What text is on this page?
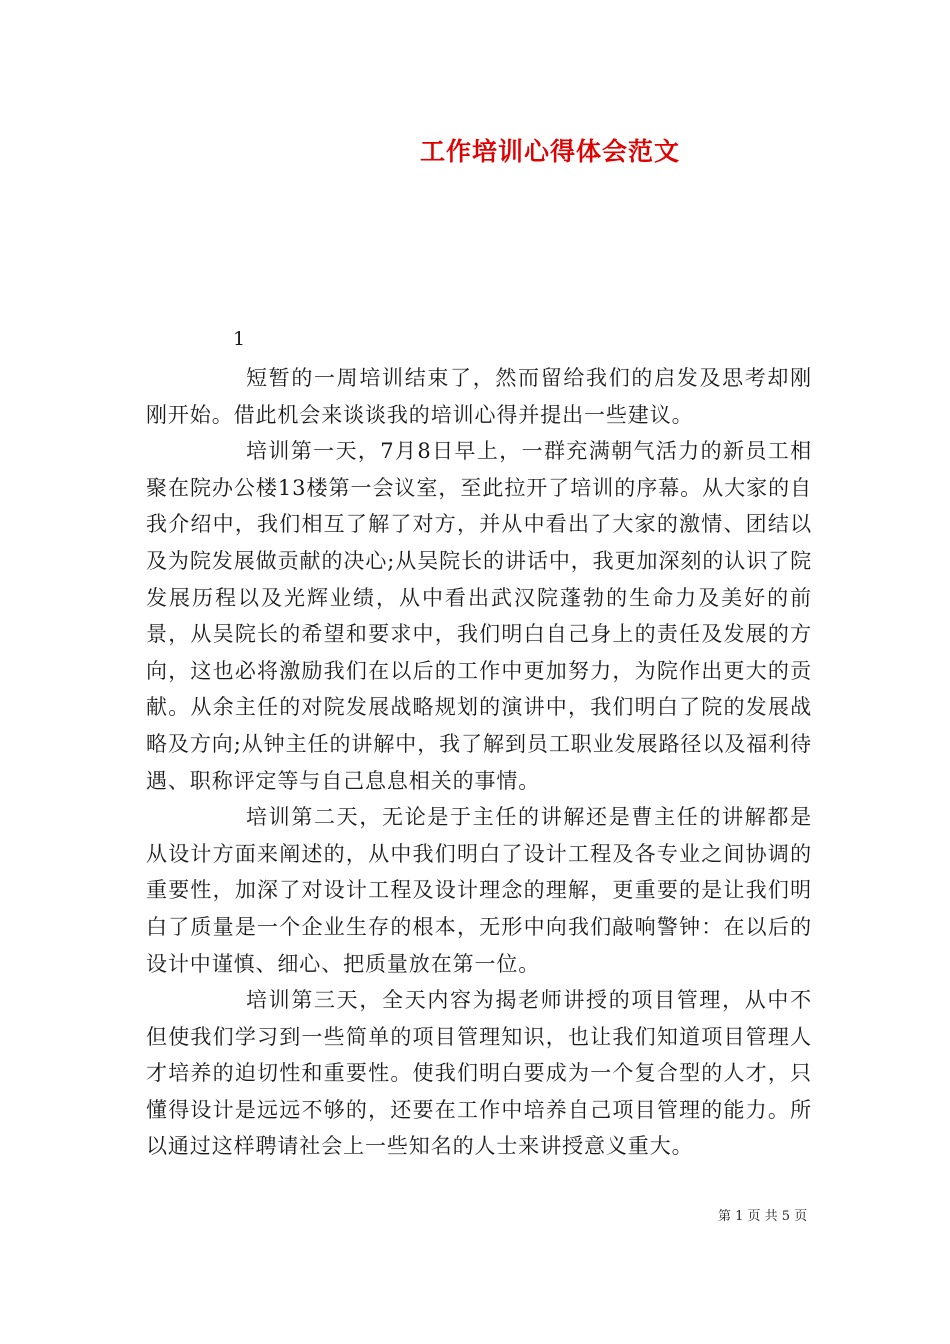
工作培训心得体会范文
1

短暂的一周培训结束了，然而留给我们的启发及思考却刚刚开始。借此机会来谈谈我的培训心得并提出一些建议。

培训第一天，7月8日早上，一群充满朝气活力的新员工相聚在院办公楼13楼第一会议室，至此拉开了培训的序幕。从大家的自我介绍中，我们相互了解了对方，并从中看出了大家的激情、团结以及为院发展做贡献的决心;从吴院长的讲话中，我更加深刻的认识了院发展历程以及光辉业绩，从中看出武汉院蓬勃的生命力及美好的前景，从吴院长的希望和要求中，我们明白自己身上的责任及发展的方向，这也必将激励我们在以后的工作中更加努力，为院作出更大的贡献。从余主任的对院发展战略规划的演讲中，我们明白了院的发展战略及方向;从钟主任的讲解中，我了解到员工职业发展路径以及福利待遇、职称评定等与自己息息相关的事情。

培训第二天，无论是于主任的讲解还是曹主任的讲解都是从设计方面来阐述的，从中我们明白了设计工程及各专业之间协调的重要性，加深了对设计工程及设计理念的理解，更重要的是让我们明白了质量是一个企业生存的根本，无形中向我们敲响警钟：在以后的设计中谨慎、细心、把质量放在第一位。

培训第三天，全天内容为揭老师讲授的项目管理，从中不但使我们学习到一些简单的项目管理知识，也让我们知道项目管理人才培养的迫切性和重要性。使我们明白要成为一个复合型的人才，只懂得设计是远远不够的，还要在工作中培养自己项目管理的能力。所以通过这样聘请社会上一些知名的人士来讲授意义重大。

第 1 页 共 5 页
